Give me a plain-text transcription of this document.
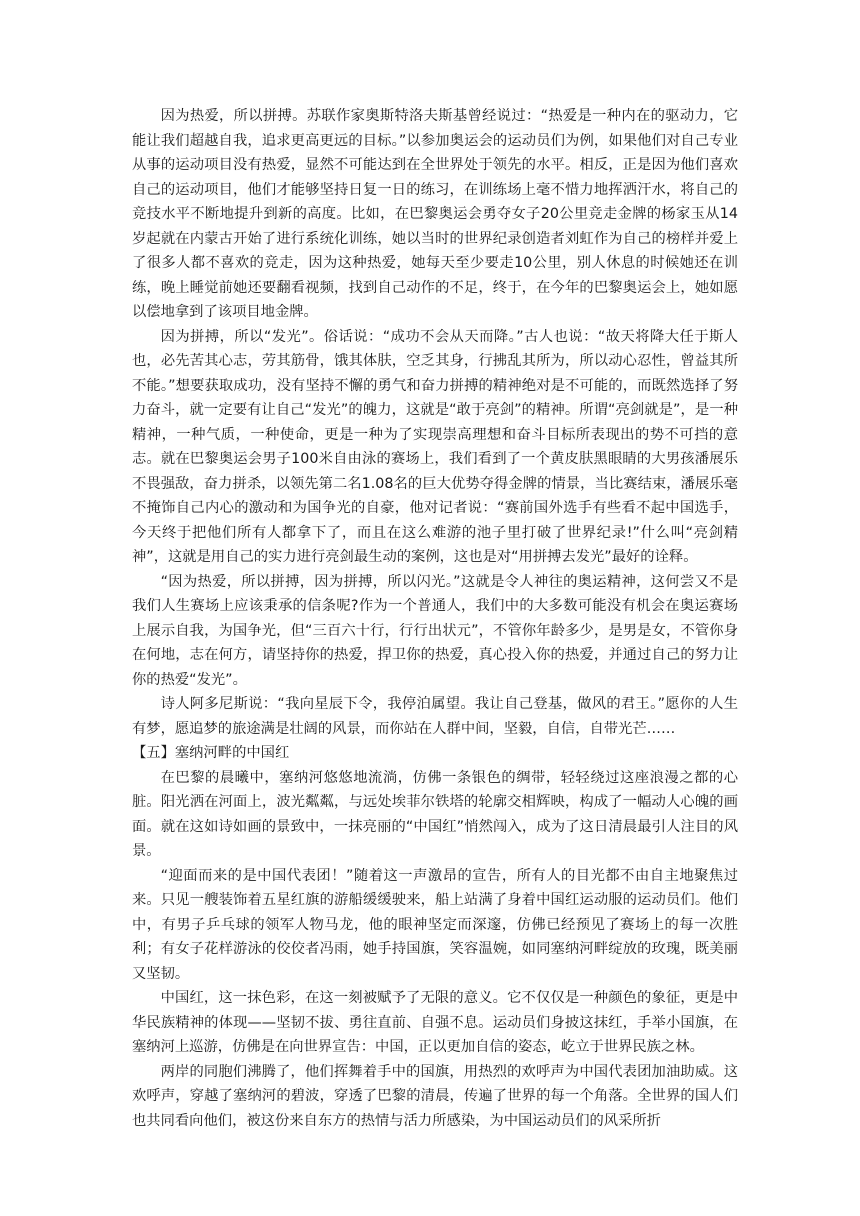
因为热爱，所以拼搏。苏联作家奥斯特洛夫斯基曾经说过：“热爱是一种内在的驱动力，它能让我们超越自我，追求更高更远的目标。”以参加奥运会的运动员们为例，如果他们对自己专业从事的运动项目没有热爱，显然不可能达到在全世界处于领先的水平。相反，正是因为他们喜欢自己的运动项目，他们才能够坚持日复一日的练习，在训练场上毫不惜力地挥洒汗水，将自己的竞技水平不断地提升到新的高度。比如，在巴黎奥运会勇夺女子20公里竞走金牌的杨家玉从14岁起就在内蒙古开始了进行系统化训练，她以当时的世界纪录创造者刘虹作为自己的榜样并爱上了很多人都不喜欢的竞走，因为这种热爱，她每天至少要走10公里，别人休息的时候她还在训练，晚上睡觉前她还要翻看视频，找到自己动作的不足，终于，在今年的巴黎奥运会上，她如愿以偿地拿到了该项目地金牌。

因为拼搏，所以“发光”。俗话说：“成功不会从天而降。”古人也说：“故天将降大任于斯人也，必先苦其心志，劳其筋骨，饿其体肤，空乏其身，行拂乱其所为，所以动心忍性，曾益其所不能。”想要获取成功，没有坚持不懈的勇气和奋力拼搏的精神绝对是不可能的，而既然选择了努力奋斗，就一定要有让自己“发光”的魄力，这就是“敢于亮剑”的精神。所谓“亮剑就是”，是一种精神，一种气质，一种使命，更是一种为了实现崇高理想和奋斗目标所表现出的势不可挡的意志。就在巴黎奥运会男子100米自由泳的赛场上，我们看到了一个黄皮肤黑眼睛的大男孩潘展乐不畏强敌，奋力拼杀，以领先第二名1.08名的巨大优势夺得金牌的情景，当比赛结束，潘展乐毫不掩饰自己内心的激动和为国争光的自豪，他对记者说：“赛前国外选手有些看不起中国选手，今天终于把他们所有人都拿下了，而且在这么难游的池子里打破了世界纪录!”什么叫“亮剑精神”，这就是用自己的实力进行亮剑最生动的案例，这也是对“用拼搏去发光”最好的诠释。

“因为热爱，所以拼搏，因为拼搏，所以闪光。”这就是令人神往的奥运精神，这何尝又不是我们人生赛场上应该秉承的信条呢?作为一个普通人，我们中的大多数可能没有机会在奥运赛场上展示自我，为国争光，但“三百六十行，行行出状元”，不管你年龄多少，是男是女，不管你身在何地，志在何方，请坚持你的热爱，捍卫你的热爱，真心投入你的热爱，并通过自己的努力让你的热爱“发光”。

诗人阿多尼斯说：“我向星辰下令，我停泊属望。我让自己登基，做风的君王。”愿你的人生有梦，愿追梦的旅途满是壮阔的风景，而你站在人群中间，坚毅，自信，自带光芒……

【五】塞纳河畔的中国红

在巴黎的晨曦中，塞纳河悠悠地流淌，仿佛一条银色的绸带，轻轻绕过这座浪漫之都的心脏。阳光洒在河面上，波光粼粼，与远处埃菲尔铁塔的轮廓交相辉映，构成了一幅动人心魄的画面。就在这如诗如画的景致中，一抹亮丽的“中国红”悄然闯入，成为了这日清晨最引人注目的风景。

“迎面而来的是中国代表团！”随着这一声激昂的宣告，所有人的目光都不由自主地聚焦过来。只见一艘装饰着五星红旗的游船缓缓驶来，船上站满了身着中国红运动服的运动员们。他们中，有男子乒乓球的领军人物马龙，他的眼神坚定而深邃，仿佛已经预见了赛场上的每一次胜利；有女子花样游泳的佼佼者冯雨，她手持国旗，笑容温婉，如同塞纳河畔绽放的玫瑰，既美丽又坚韧。

中国红，这一抹色彩，在这一刻被赋予了无限的意义。它不仅仅是一种颜色的象征，更是中华民族精神的体现——坚韧不拔、勇往直前、自强不息。运动员们身披这抹红，手举小国旗，在塞纳河上巡游，仿佛是在向世界宣告：中国，正以更加自信的姿态，屹立于世界民族之林。

两岸的同胞们沸腾了，他们挥舞着手中的国旗，用热烈的欢呼声为中国代表团加油助威。这欢呼声，穿越了塞纳河的碧波，穿透了巴黎的清晨，传遍了世界的每一个角落。全世界的国人们也共同看向他们，被这份来自东方的热情与活力所感染，为中国运动员们的风采所折
